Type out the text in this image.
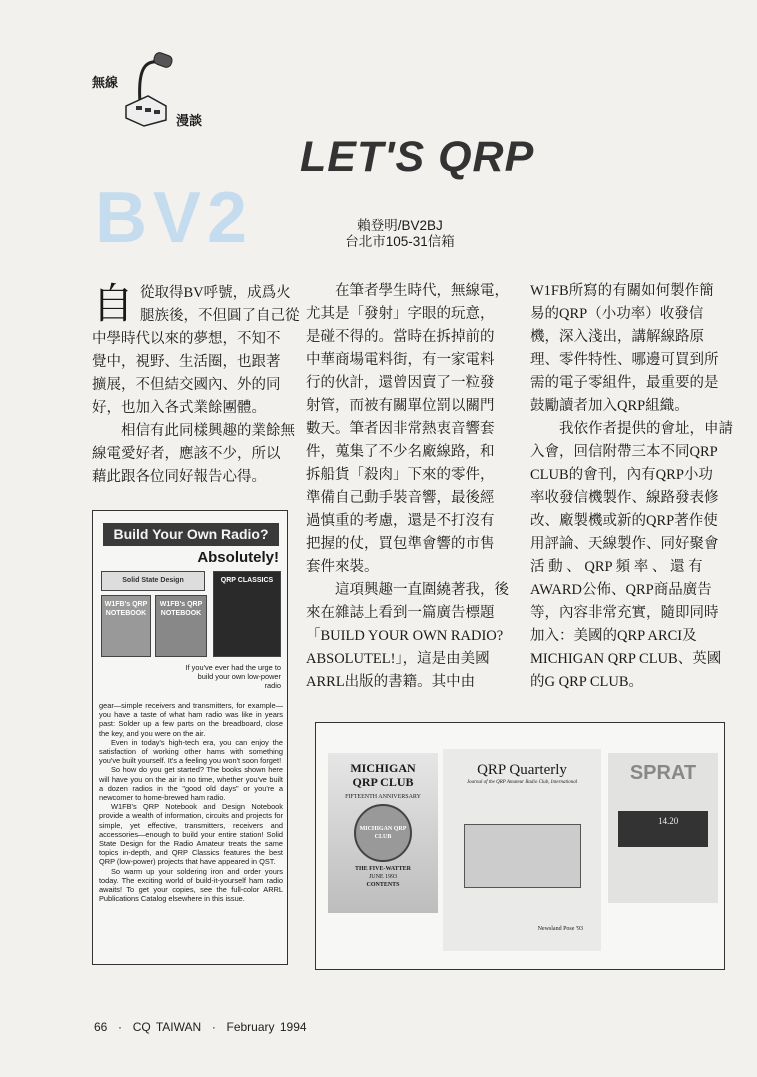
BV2
無線
漫談
LET'S QRP
賴登明/BV2BJ
台北市105-31信箱
自 從取得BV呼號，成爲火
腿族後，不但圓了自己從
中學時代以來的夢想，不知不
覺中，視野、生活圈，也跟著
擴展，不但結交國內、外的同
好，也加入各式業餘團體。
相信有此同樣興趣的業餘無
線電愛好者，應該不少，所以
藉此跟各位同好報告心得。
在筆者學生時代，無線電，
尤其是「發射」字眼的玩意，
是碰不得的。當時在拆掉前的
中華商場電料街，有一家電料
行的伙計，還曾因賣了一粒發
射管，而被有關單位罰以關門
數天。筆者因非常熱衷音響套
件，蒐集了不少名廠線路，和
拆船貨「殺肉」下來的零件，
準備自己動手裝音響，最後經
過慎重的考慮，還是不打沒有
把握的仗，買包準會響的市售
套件來裝。
這項興趣一直圍繞著我，後
來在雜誌上看到一篇廣告標題
「BUILD YOUR OWN RADIO?
ABSOLUTEL!」，這是由美國
ARRL出版的書籍。其中由
W1FB所寫的有關如何製作簡
易的QRP（小功率）收發信
機，深入淺出，講解線路原
理、零件特性、哪邊可買到所
需的電子零組件，最重要的是
鼓勵讀者加入QRP組織。
我依作者提供的會址，申請
入會，回信附帶三本不同QRP
CLUB的會刊，內有QRP小功
率收發信機製作、線路發表修
改、廠製機或新的QRP著作使
用評論、天線製作、同好聚會
活 動 、 QRP 頻 率 、 還 有
AWARD公佈、QRP商品廣告
等，內容非常充實，隨即同時
加入：美國的QRP ARCI及
MICHIGAN QRP CLUB、英國
的G QRP CLUB。
Build Your Own Radio?
Absolutely!
Solid State Design	QRP CLASSICS
W1FB's QRP NOTEBOOK
W1FB's QRP NOTEBOOK
If you've ever had the urge to build your own low-power radio

gear—simple receivers and transmitters, for example—you have a taste of what ham radio was like in years past: Solder up a few parts on the breadboard, close the key, and you were on the air.

Even in today's high-tech era, you can enjoy the satisfaction of working other hams with something you've built yourself. It's a feeling you won't soon forget!

So how do you get started? The books shown here will have you on the air in no time, whether you've built a dozen radios in the "good old days" or you're a newcomer to home-brewed ham radio.

W1FB's QRP Notebook and Design Notebook provide a wealth of information, circuits and projects for simple, yet effective, transmitters, receivers and accessories—enough to build your entire station! Solid State Design for the Radio Amateur treats the same topics in-depth, and QRP Classics features the best QRP (low-power) projects that have appeared in QST.

So warm up your soldering iron and order yours today. The exciting world of build-it-yourself ham radio awaits! To get your copies, see the full-color ARRL Publications Catalog elsewhere in this issue.

MICHIGAN QRP CLUB
FIFTEENTH ANNIVERSARY
MICHIGAN QRP CLUB
THE FIVE-WATTER
JUNE 1993
CONTENTS
QRP Quarterly
Journal of the QRP Amateur Radio Club, International
Newsland Pose '93
SPRAT
14.20
66  ·  CQ TAIWAN  ·  February 1994
